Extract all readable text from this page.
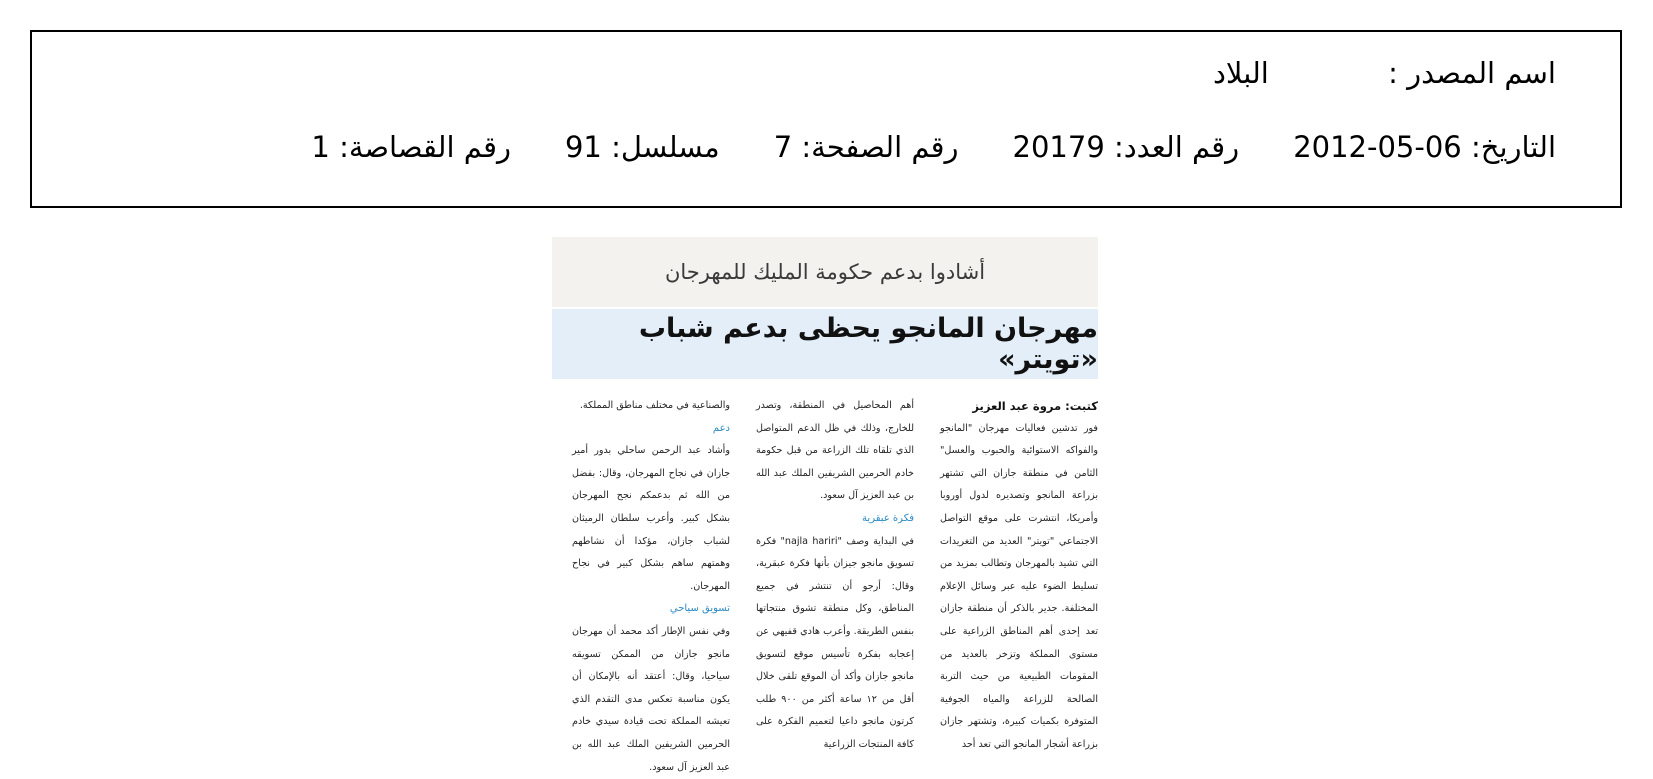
اسم المصدر : البلاد
التاريخ: 2012-05-06رقم العدد: 20179رقم الصفحة: 7مسلسل: 91رقم القصاصة: 1
أشادوا بدعم حكومة المليك للمهرجان
مهرجان المانجو يحظى بدعم شباب «تويتر»

كتبت: مروة عبد العزيز

فور تدشين فعاليات مهرجان "المانجو والفواكه الاستوائية والحبوب والعسل" الثامن في منطقة جازان التي تشتهر بزراعة المانجو وتصديره لدول أوروبا وأمريكا، انتشرت على موقع التواصل الاجتماعي "تويتر" العديد من التغريدات التي تشيد بالمهرجان وتطالب بمزيد من تسليط الضوء عليه عبر وسائل الإعلام المختلفة. جدير بالذكر أن منطقة جازان تعد إحدى أهم المناطق الزراعية على مستوى المملكة وتزخر بالعديد من المقومات الطبيعية من حيث التربة الصالحة للزراعة والمياه الجوفية المتوفرة بكميات كبيرة، وتشتهر جازان بزراعة أشجار المانجو التي تعد أحد

أهم المحاصيل في المنطقة، وتصدر للخارج، وذلك في ظل الدعم المتواصل الذي تلقاه تلك الزراعة من قبل حكومة خادم الحرمين الشريفين الملك عبد الله بن عبد العزيز آل سعود.

فكرة عبقرية

في البداية وصف "najla hariri" فكرة تسويق مانجو جيزان بأنها فكرة عبقرية، وقال: أرجو أن تنتشر في جميع المناطق، وكل منطقة تشوق منتجاتها بنفس الطريقة. وأعرب هادي قفيهي عن إعجابه بفكرة تأسيس موقع لتسويق مانجو جازان وأكد أن الموقع تلقى خلال أقل من ١٢ ساعة أكثر من ٩٠٠ طلب كرتون مانجو داعيا لتعميم الفكرة على كافة المنتجات الزراعية

والصناعية في مختلف مناطق المملكة.

دعم

وأشاد عبد الرحمن ساحلي بدور أمير جازان في نجاح المهرجان، وقال: بفضل من الله ثم بدعمكم نجح المهرجان بشكل كبير. وأعرب سلطان الرميثان لشباب جازان، مؤكدا أن نشاطهم وهمتهم ساهم بشكل كبير في نجاح المهرجان.

تسويق سياحي

وفي نفس الإطار أكد محمد أن مهرجان مانجو جازان من الممكن تسويقه سياحيا، وقال: أعتقد أنه بالإمكان أن يكون مناسبة تعكس مدى التقدم الذي تعيشه المملكة تحت قيادة سيدي خادم الحرمين الشريفين الملك عبد الله بن عبد العزيز آل سعود.
